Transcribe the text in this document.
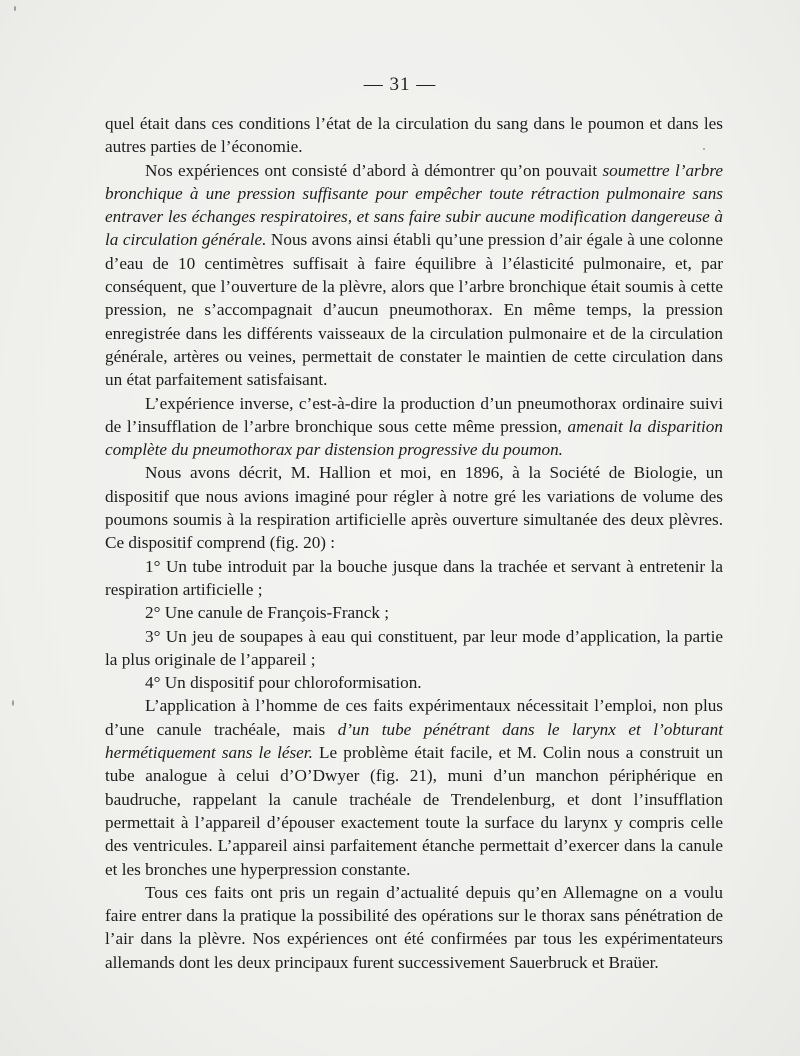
— 31 —

quel était dans ces conditions l’état de la circulation du sang dans le poumon et dans les autres parties de l’économie.

Nos expériences ont consisté d’abord à démontrer qu’on pouvait soumettre l’arbre bronchique à une pression suffisante pour empêcher toute rétraction pulmonaire sans entraver les échanges respiratoires, et sans faire subir aucune modification dangereuse à la circulation générale. Nous avons ainsi établi qu’une pression d’air égale à une colonne d’eau de 10 centimètres suffisait à faire équilibre à l’élasticité pulmonaire, et, par conséquent, que l’ouverture de la plèvre, alors que l’arbre bronchique était soumis à cette pression, ne s’accompagnait d’aucun pneumothorax. En même temps, la pression enregistrée dans les différents vaisseaux de la circulation pulmonaire et de la circulation générale, artères ou veines, permettait de constater le maintien de cette circulation dans un état parfaitement satisfaisant.

L’expérience inverse, c’est-à-dire la production d’un pneumothorax ordinaire suivi de l’insufflation de l’arbre bronchique sous cette même pression, amenait la disparition complète du pneumothorax par distension progressive du poumon.

Nous avons décrit, M. Hallion et moi, en 1896, à la Société de Biologie, un dispositif que nous avions imaginé pour régler à notre gré les variations de volume des poumons soumis à la respiration artificielle après ouverture simultanée des deux plèvres. Ce dispositif comprend (fig. 20) :

1° Un tube introduit par la bouche jusque dans la trachée et servant à entretenir la respiration artificielle ;

2° Une canule de François-Franck ;

3° Un jeu de soupapes à eau qui constituent, par leur mode d’application, la partie la plus originale de l’appareil ;

4° Un dispositif pour chloroformisation.

L’application à l’homme de ces faits expérimentaux nécessitait l’emploi, non plus d’une canule trachéale, mais d’un tube pénétrant dans le larynx et l’obturant hermétiquement sans le léser. Le problème était facile, et M. Colin nous a construit un tube analogue à celui d’O’Dwyer (fig. 21), muni d’un manchon périphérique en baudruche, rappelant la canule trachéale de Trendelenburg, et dont l’insufflation permettait à l’appareil d’épouser exactement toute la surface du larynx y compris celle des ventricules. L’appareil ainsi parfaitement étanche permettait d’exercer dans la canule et les bronches une hyperpression constante.

Tous ces faits ont pris un regain d’actualité depuis qu’en Allemagne on a voulu faire entrer dans la pratique la possibilité des opérations sur le thorax sans pénétration de l’air dans la plèvre. Nos expériences ont été confirmées par tous les expérimentateurs allemands dont les deux principaux furent successivement Sauerbruck et Braüer.
